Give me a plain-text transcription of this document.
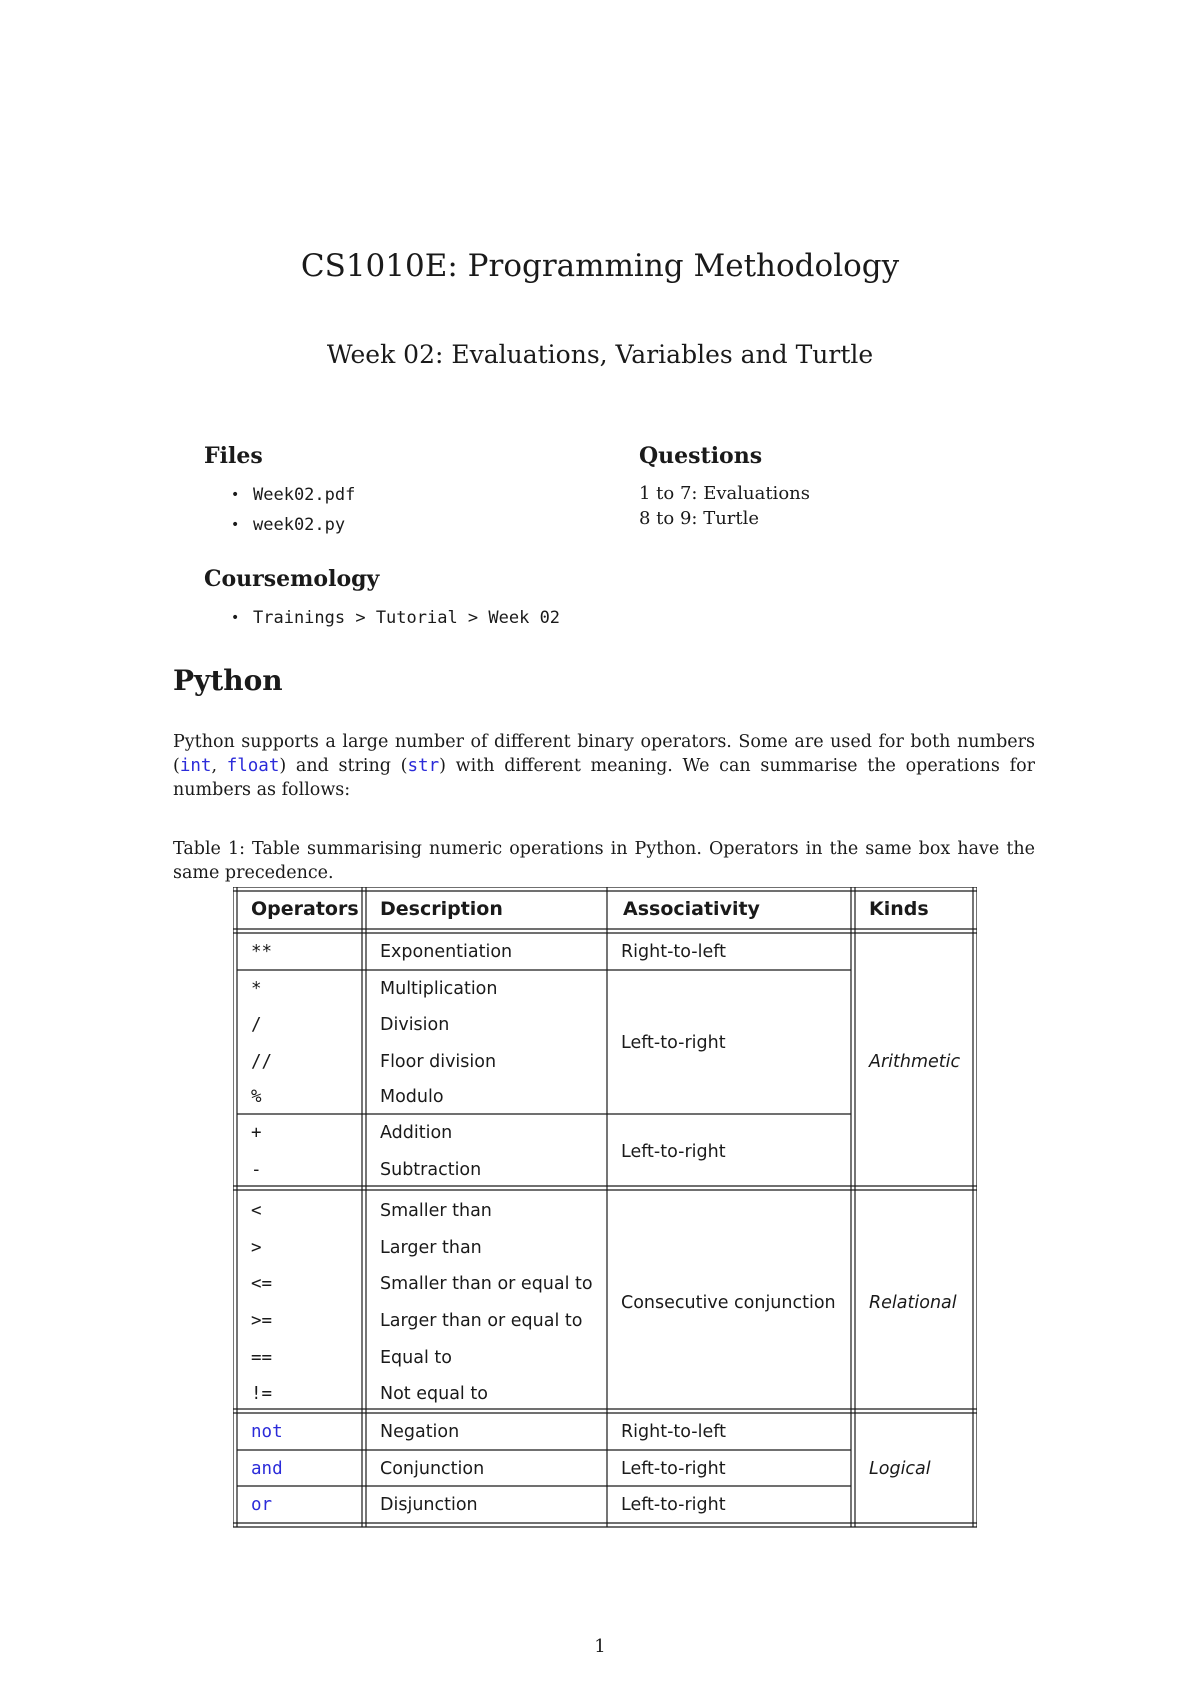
CS1010E: Programming Methodology
Week 02: Evaluations, Variables and Turtle
Files
• Week02.pdf
• week02.py
Questions
1 to 7: Evaluations
8 to 9: Turtle
Coursemology
• Trainings > Tutorial > Week 02
Python
Python supports a large number of different binary operators. Some are used for both numbers (int, float) and string (str) with different meaning. We can summarise the operations for numbers as follows:
Table 1: Table summarising numeric operations in Python. Operators in the same box have the same precedence.
Operators Description	Associativity	Kinds
**
*
/
//
%
+
-
<
>
<=
>=
==
!=
not
and
or
Exponentiation
Multiplication
Division
Floor division
Modulo
Addition
Subtraction
Smaller than
Larger than
Smaller than or equal to
Larger than or equal to
Equal to
Not equal to
Negation
Conjunction
Disjunction
Right-to-left
Left-to-right
Left-to-right
Consecutive conjunction
Right-to-left
Left-to-right
Left-to-right
Arithmetic
Relational
Logical
1
